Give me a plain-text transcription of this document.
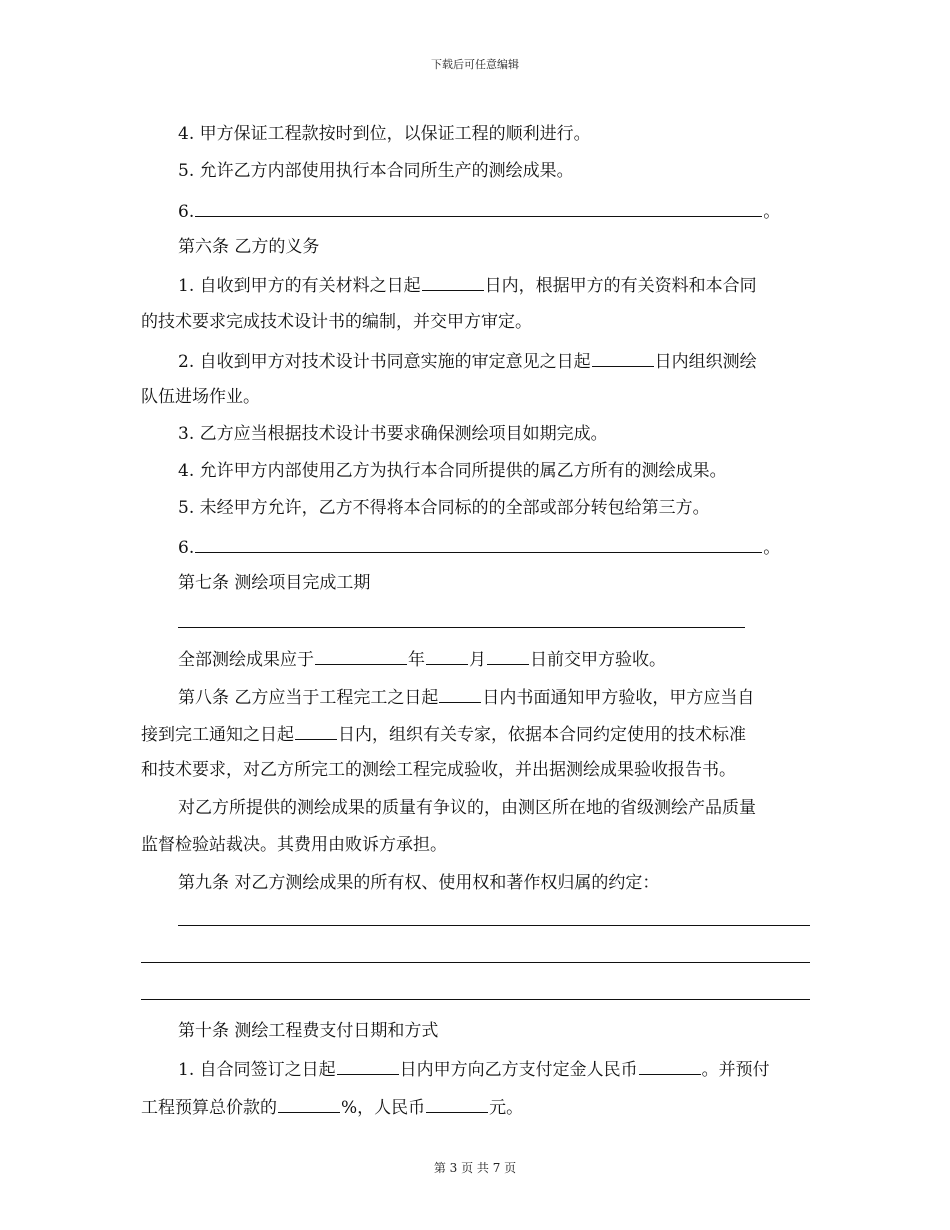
下载后可任意编辑
4. 甲方保证工程款按时到位，以保证工程的顺利进行。
5. 允许乙方内部使用执行本合同所生产的测绘成果。
6.	。
第六条 乙方的义务
1. 自收到甲方的有关材料之日起	日内，根据甲方的有关资料和本合同
的技术要求完成技术设计书的编制，并交甲方审定。
2. 自收到甲方对技术设计书同意实施的审定意见之日起	日内组织测绘
队伍进场作业。
3. 乙方应当根据技术设计书要求确保测绘项目如期完成。
4. 允许甲方内部使用乙方为执行本合同所提供的属乙方所有的测绘成果。
5. 未经甲方允许，乙方不得将本合同标的的全部或部分转包给第三方。
6.	。
第七条 测绘项目完成工期
全部测绘成果应于	年	月	日前交甲方验收。
第八条 乙方应当于工程完工之日起	日内书面通知甲方验收，甲方应当自
接到完工通知之日起	日内，组织有关专家，依据本合同约定使用的技术标准
和技术要求，对乙方所完工的测绘工程完成验收，并出据测绘成果验收报告书。
对乙方所提供的测绘成果的质量有争议的，由测区所在地的省级测绘产品质量
监督检验站裁决。其费用由败诉方承担。
第九条 对乙方测绘成果的所有权、使用权和著作权归属的约定：
第十条 测绘工程费支付日期和方式
1. 自合同签订之日起	日内甲方向乙方支付定金人民币	。并预付
工程预算总价款的	%，人民币	元。
第 3 页 共 7 页
